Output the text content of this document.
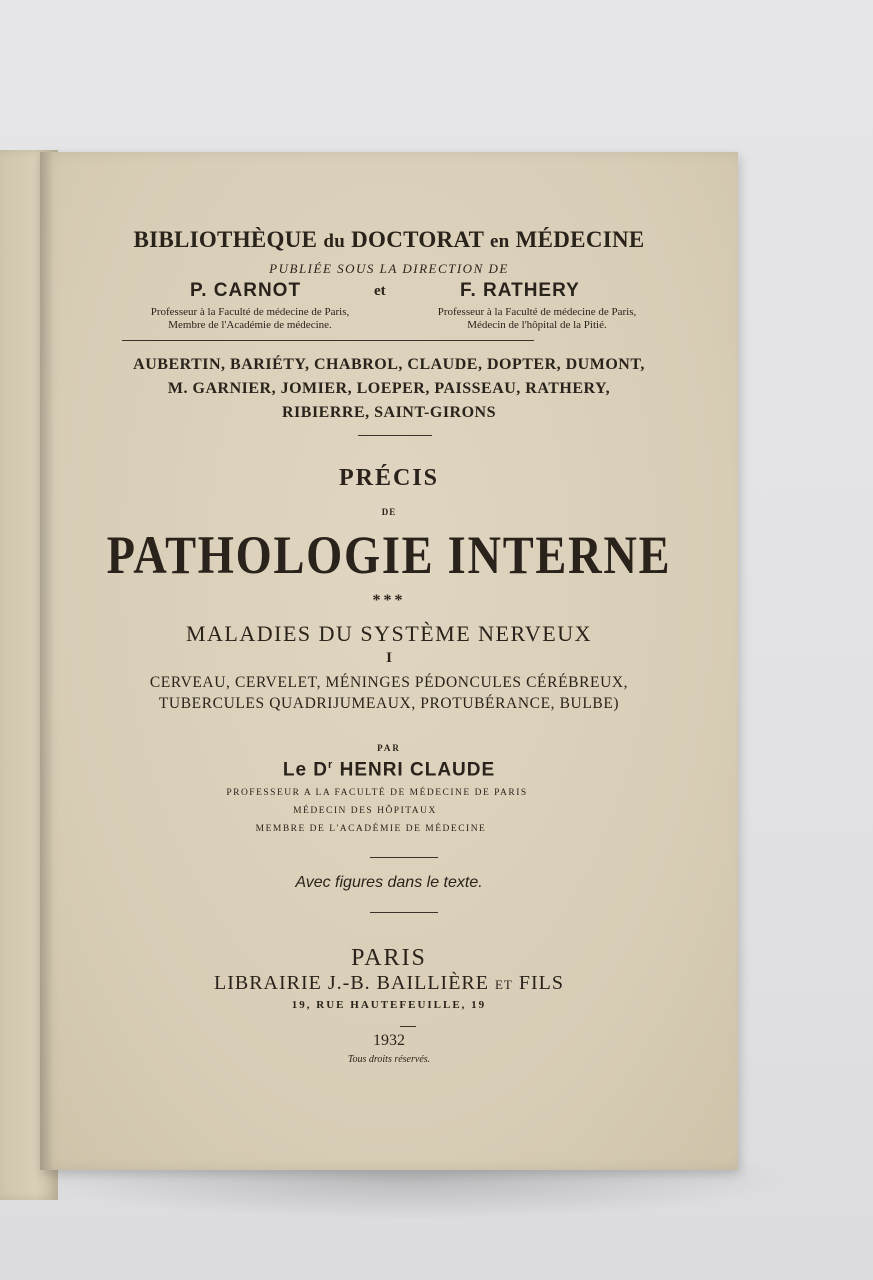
BIBLIOTHÈQUE du DOCTORAT en MÉDECINE
PUBLIÉE SOUS LA DIRECTION DE
P. CARNOT	et	F. RATHERY
Professeur à la Faculté de médecine de Paris,
Membre de l'Académie de médecine.
Professeur à la Faculté de médecine de Paris,
Médecin de l'hôpital de la Pitié.
AUBERTIN, BARIÉTY, CHABROL, CLAUDE, DOPTER, DUMONT,
M. GARNIER, JOMIER, LOEPER, PAISSEAU, RATHERY,
RIBIERRE, SAINT-GIRONS
PRÉCIS
DE
PATHOLOGIE INTERNE
***
MALADIES DU SYSTÈME NERVEUX
I
CERVEAU, CERVELET, MÉNINGES PÉDONCULES CÉRÉBREUX,
TUBERCULES QUADRIJUMEAUX, PROTUBÉRANCE, BULBE)
PAR
Le $D^r$ HENRI CLAUDE
PROFESSEUR A LA FACULTÉ DE MÉDECINE DE PARIS
MÉDECIN DES HÔPITAUX
MEMBRE DE L'ACADÉMIE DE MÉDECINE
Avec figures dans le texte.
PARIS
LIBRAIRIE J.-B. BAILLIÈRE ET FILS
19, RUE HAUTEFEUILLE, 19
1932
Tous droits réservés.
